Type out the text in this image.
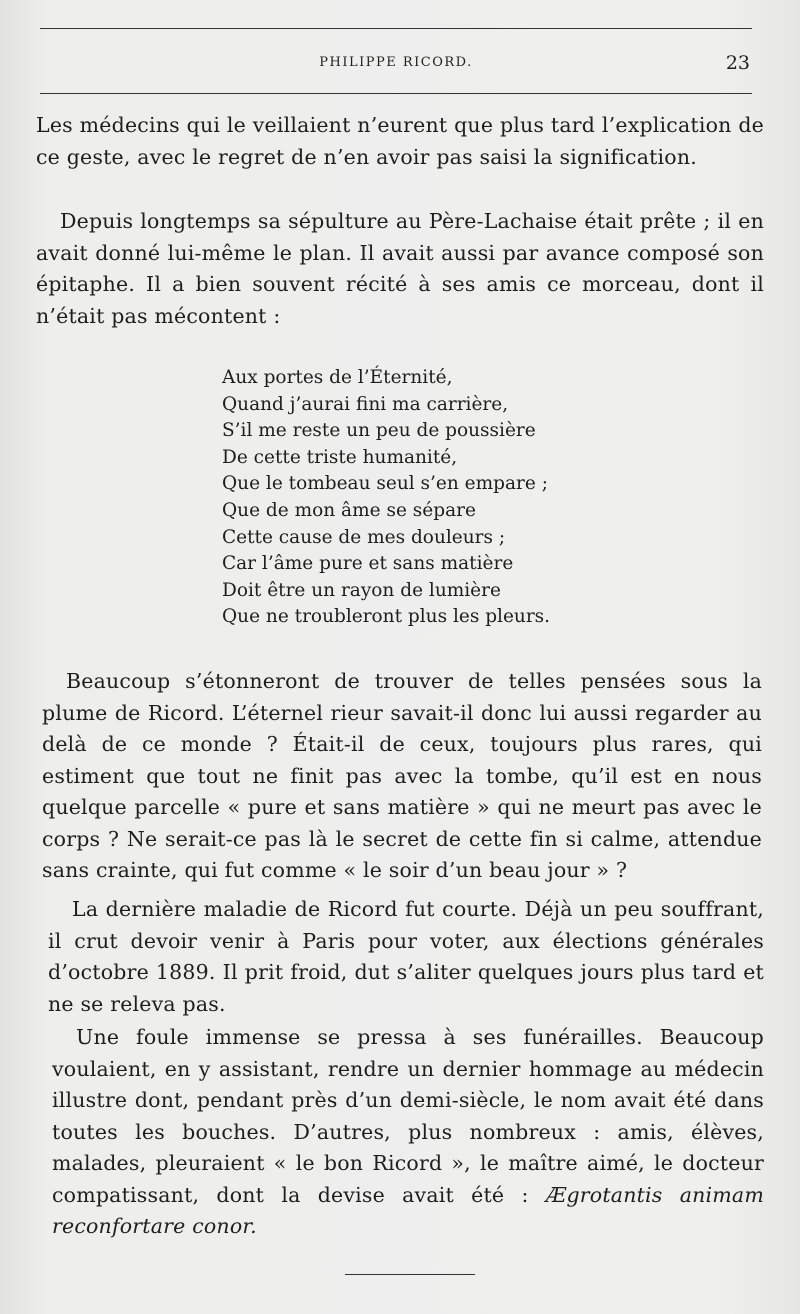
PHILIPPE RICORD.	23

Les médecins qui le veillaient n’eurent que plus tard l’explication de ce geste, avec le regret de n’en avoir pas saisi la signification.

Depuis longtemps sa sépulture au Père-Lachaise était prête ; il en avait donné lui-même le plan. Il avait aussi par avance composé son épitaphe. Il a bien souvent récité à ses amis ce morceau, dont il n’était pas mécontent :

Aux portes de l’Éternité,
Quand j’aurai fini ma carrière,
S’il me reste un peu de poussière
De cette triste humanité,
Que le tombeau seul s’en empare ;
Que de mon âme se sépare
Cette cause de mes douleurs ;
Car l’âme pure et sans matière
Doit être un rayon de lumière
Que ne troubleront plus les pleurs.

Beaucoup s’étonneront de trouver de telles pensées sous la plume de Ricord. L’éternel rieur savait-il donc lui aussi regarder au delà de ce monde ? Était-il de ceux, toujours plus rares, qui estiment que tout ne finit pas avec la tombe, qu’il est en nous quelque parcelle « pure et sans matière » qui ne meurt pas avec le corps ? Ne serait-ce pas là le secret de cette fin si calme, attendue sans crainte, qui fut comme « le soir d’un beau jour » ?

La dernière maladie de Ricord fut courte. Déjà un peu souffrant, il crut devoir venir à Paris pour voter, aux élections générales d’octobre 1889. Il prit froid, dut s’aliter quelques jours plus tard et ne se releva pas.

Une foule immense se pressa à ses funérailles. Beaucoup voulaient, en y assistant, rendre un dernier hommage au médecin illustre dont, pendant près d’un demi-siècle, le nom avait été dans toutes les bouches. D’autres, plus nombreux : amis, élèves, malades, pleuraient « le bon Ricord », le maître aimé, le docteur compatissant, dont la devise avait été : Ægrotantis animam reconfortare conor.
